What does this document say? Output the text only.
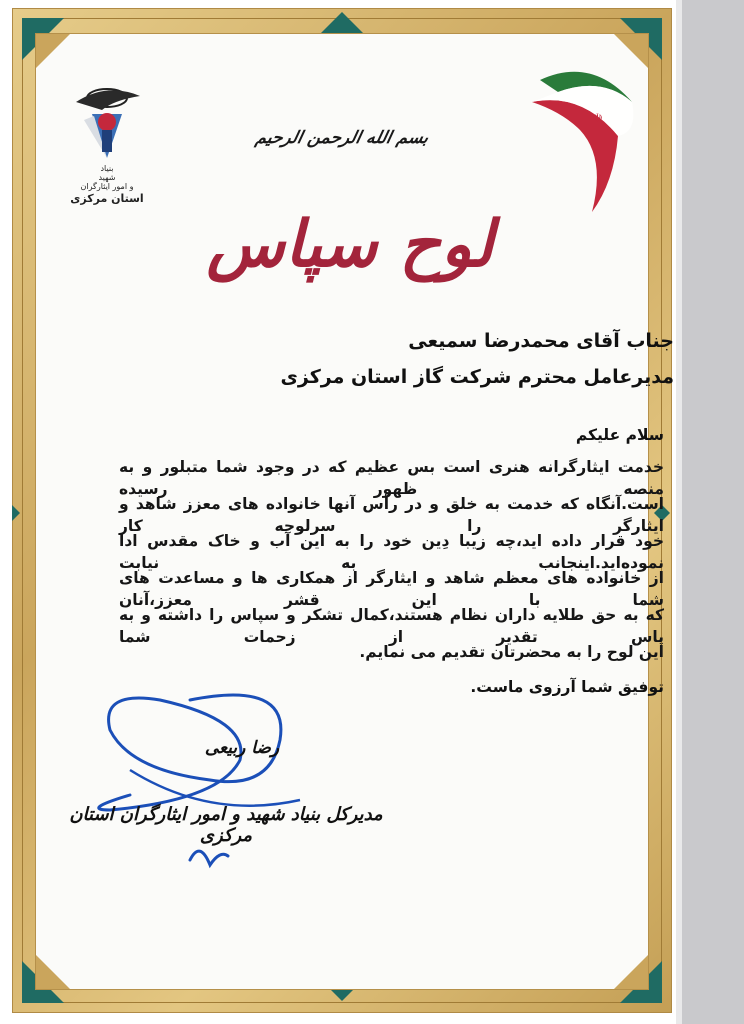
بنیاد
شهید
و امور ایثارگران
استان مرکزی
☫
بسم الله الرحمن الرحیم
لوح سپاس
جناب آقای محمدرضا سمیعی
مدیرعامل محترم شرکت گاز استان مرکزی
سلام علیکم
خدمت ایثارگرانه هنری است بس عظیم که در وجود شما متبلور و به منصه ظهور رسیده
است.آنگاه که خدمت به خلق و در رأس آنها خانواده های معزز شاهد و ایثارگر را سرلوحه کار
خود قرار داده اید،چه زیبا دِین خود را به این آب و خاک مقدس ادا نموده‌اید.اینجانب به نیابت
از خانواده های معظم شاهد و ایثارگر از همکاری ها و مساعدت های شما با این قشر معزز،آنان
که به حق طلایه داران نظام هستند،کمال تشکر و سپاس را داشته و به پاس تقدیر از زحمات شما
این لوح را به محضرتان تقدیم می نمایم.
توفیق شما آرزوی ماست.
رضا ربیعی
مدیرکل بنیاد شهید و امور ایثارگران استان مرکزی
